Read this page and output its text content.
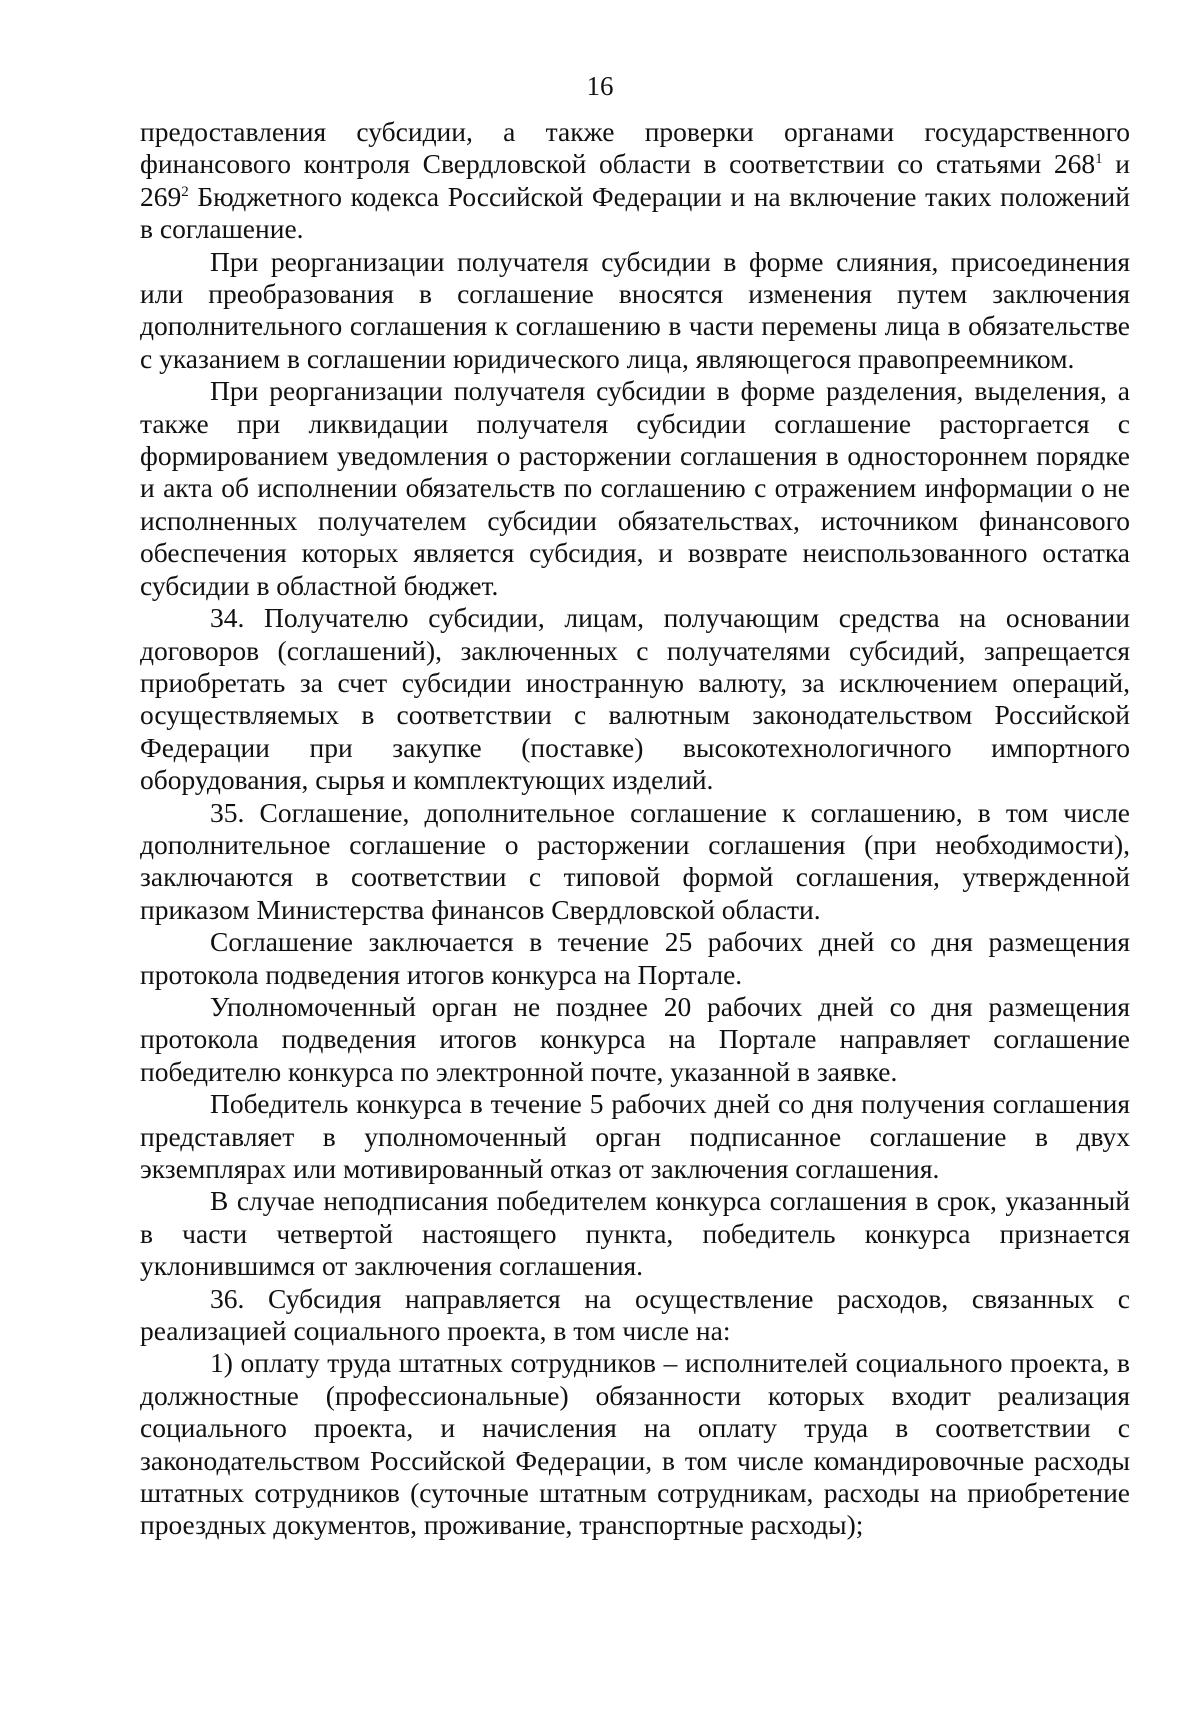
16

предоставления субсидии, а также проверки органами государственного финансового контроля Свердловской области в соответствии со статьями $268^1$ и $269^2$ Бюджетного кодекса Российской Федерации и на включение таких положений в соглашение.

При реорганизации получателя субсидии в форме слияния, присоединения или преобразования в соглашение вносятся изменения путем заключения дополнительного соглашения к соглашению в части перемены лица в обязательстве с указанием в соглашении юридического лица, являющегося правопреемником.

При реорганизации получателя субсидии в форме разделения, выделения, а также при ликвидации получателя субсидии соглашение расторгается с формированием уведомления о расторжении соглашения в одностороннем порядке и акта об исполнении обязательств по соглашению с отражением информации о не исполненных получателем субсидии обязательствах, источником финансового обеспечения которых является субсидия, и возврате неиспользованного остатка субсидии в областной бюджет.

34. Получателю субсидии, лицам, получающим средства на основании договоров (соглашений), заключенных с получателями субсидий, запрещается приобретать за счет субсидии иностранную валюту, за исключением операций, осуществляемых в соответствии с валютным законодательством Российской Федерации при закупке (поставке) высокотехнологичного импортного оборудования, сырья и комплектующих изделий.

35. Соглашение, дополнительное соглашение к соглашению, в том числе дополнительное соглашение о расторжении соглашения (при необходимости), заключаются в соответствии с типовой формой соглашения, утвержденной приказом Министерства финансов Свердловской области.

Соглашение заключается в течение 25 рабочих дней со дня размещения протокола подведения итогов конкурса на Портале.

Уполномоченный орган не позднее 20 рабочих дней со дня размещения протокола подведения итогов конкурса на Портале направляет соглашение победителю конкурса по электронной почте, указанной в заявке.

Победитель конкурса в течение 5 рабочих дней со дня получения соглашения представляет в уполномоченный орган подписанное соглашение в двух экземплярах или мотивированный отказ от заключения соглашения.

В случае неподписания победителем конкурса соглашения в срок, указанный в части четвертой настоящего пункта, победитель конкурса признается уклонившимся от заключения соглашения.

36. Субсидия направляется на осуществление расходов, связанных с реализацией социального проекта, в том числе на:

1) оплату труда штатных сотрудников – исполнителей социального проекта, в должностные (профессиональные) обязанности которых входит реализация социального проекта, и начисления на оплату труда в соответствии с законодательством Российской Федерации, в том числе командировочные расходы штатных сотрудников (суточные штатным сотрудникам, расходы на приобретение проездных документов, проживание, транспортные расходы);
